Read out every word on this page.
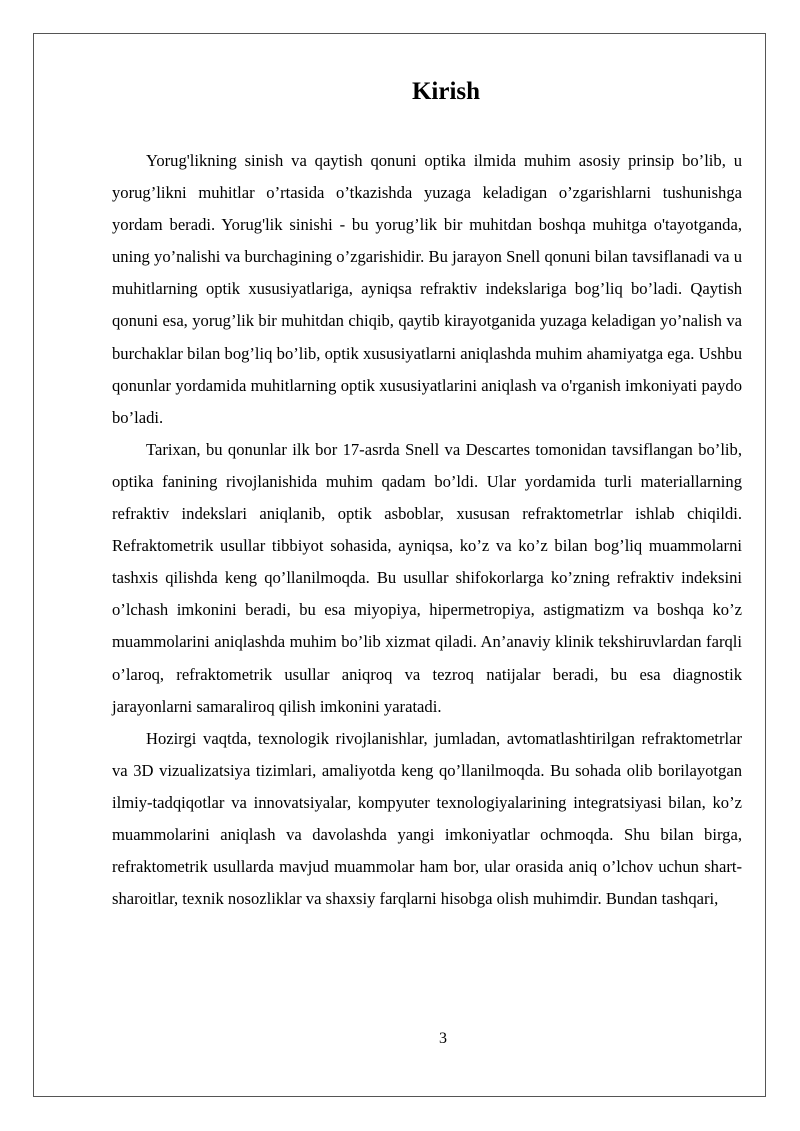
Kirish

Yorug'likning sinish va qaytish qonuni optika ilmida muhim asosiy prinsip bo’lib, u yorug’likni muhitlar o’rtasida o’tkazishda yuzaga keladigan o’zgarishlarni tushunishga yordam beradi. Yorug'lik sinishi - bu yorug’lik bir muhitdan boshqa muhitga o'tayotganda, uning yo’nalishi va burchagining o’zgarishidir. Bu jarayon Snell qonuni bilan tavsiflanadi va u muhitlarning optik xususiyatlariga, ayniqsa refraktiv indekslariga bog’liq bo’ladi. Qaytish qonuni esa, yorug’lik bir muhitdan chiqib, qaytib kirayotganida yuzaga keladigan yo’nalish va burchaklar bilan bog’liq bo’lib, optik xususiyatlarni aniqlashda muhim ahamiyatga ega. Ushbu qonunlar yordamida muhitlarning optik xususiyatlarini aniqlash va o'rganish imkoniyati paydo bo’ladi.

Tarixan, bu qonunlar ilk bor 17-asrda Snell va Descartes tomonidan tavsiflangan bo’lib, optika fanining rivojlanishida muhim qadam bo’ldi. Ular yordamida turli materiallarning refraktiv indekslari aniqlanib, optik asboblar, xususan refraktometrlar ishlab chiqildi. Refraktometrik usullar tibbiyot sohasida, ayniqsa, ko’z va ko’z bilan bog’liq muammolarni tashxis qilishda keng qo’llanilmoqda. Bu usullar shifokorlarga ko’zning refraktiv indeksini o’lchash imkonini beradi, bu esa miyopiya, hipermetropiya, astigmatizm va boshqa ko’z muammolarini aniqlashda muhim bo’lib xizmat qiladi. An’anaviy klinik tekshiruvlardan farqli o’laroq, refraktometrik usullar aniqroq va tezroq natijalar beradi, bu esa diagnostik jarayonlarni samaraliroq qilish imkonini yaratadi.

Hozirgi vaqtda, texnologik rivojlanishlar, jumladan, avtomatlashtirilgan refraktometrlar va 3D vizualizatsiya tizimlari, amaliyotda keng qo’llanilmoqda. Bu sohada olib borilayotgan ilmiy-tadqiqotlar va innovatsiyalar, kompyuter texnologiyalarining integratsiyasi bilan, ko’z muammolarini aniqlash va davolashda yangi imkoniyatlar ochmoqda. Shu bilan birga, refraktometrik usullarda mavjud muammolar ham bor, ular orasida aniq o’lchov uchun shart-sharoitlar, texnik nosozliklar va shaxsiy farqlarni hisobga olish muhimdir. Bundan tashqari,

3
